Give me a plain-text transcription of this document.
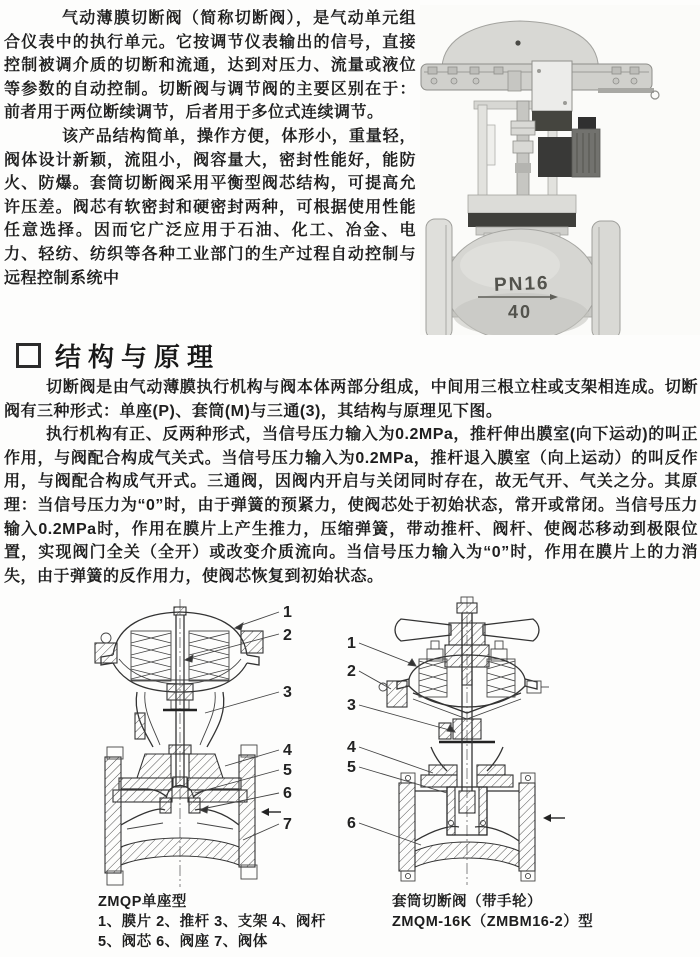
气动薄膜切断阀（简称切断阀），是气动单元组合仪表中的执行单元。它按调节仪表输出的信号，直接控制被调介质的切断和流通，达到对压力、流量或液位等参数的自动控制。切断阀与调节阀的主要区别在于：前者用于两位断续调节，后者用于多位式连续调节。

该产品结构简单，操作方便，体形小，重量轻，阀体设计新颖，流阻小，阀容量大，密封性能好，能防火、防爆。套筒切断阀采用平衡型阀芯结构，可提高允许压差。阀芯有软密封和硬密封两种，可根据使用性能任意选择。因而它广泛应用于石油、化工、冶金、电力、轻纺、纺织等各种工业部门的生产过程自动控制与远程控制系统中	PN16
40
结构与原理

切断阀是由气动薄膜执行机构与阀本体两部分组成，中间用三根立柱或支架相连成。切断阀有三种形式：单座(P)、套筒(M)与三通(3)，其结构与原理见下图。

执行机构有正、反两种形式，当信号压力输入为0.2MPa，推杆伸出膜室(向下运动)的叫正作用，与阀配合构成气关式。当信号压力输入为0.2MPa，推杆退入膜室（向上运动）的叫反作用，与阀配合构成气开式。三通阀，因阀内开启与关闭同时存在，故无气开、气关之分。其原理：当信号压力为“0”时，由于弹簧的预紧力，使阀芯处于初始状态，常开或常闭。当信号压力输入0.2MPa时，作用在膜片上产生推力，压缩弹簧，带动推杆、阀杆、使阀芯移动到极限位置，实现阀门全关（全开）或改变介质流向。当信号压力输入为“0”时，作用在膜片上的力消失，由于弹簧的反作用力，使阀芯恢复到初始状态。

1
2
3
4
5
6
7
1
2
3
4
5
6
ZMQP单座型
1、膜片 2、推杆 3、支架 4、阀杆
5、阀芯 6、阀座 7、阀体
套筒切断阀（带手轮）
ZMQM-16K（ZMBM16-2）型
